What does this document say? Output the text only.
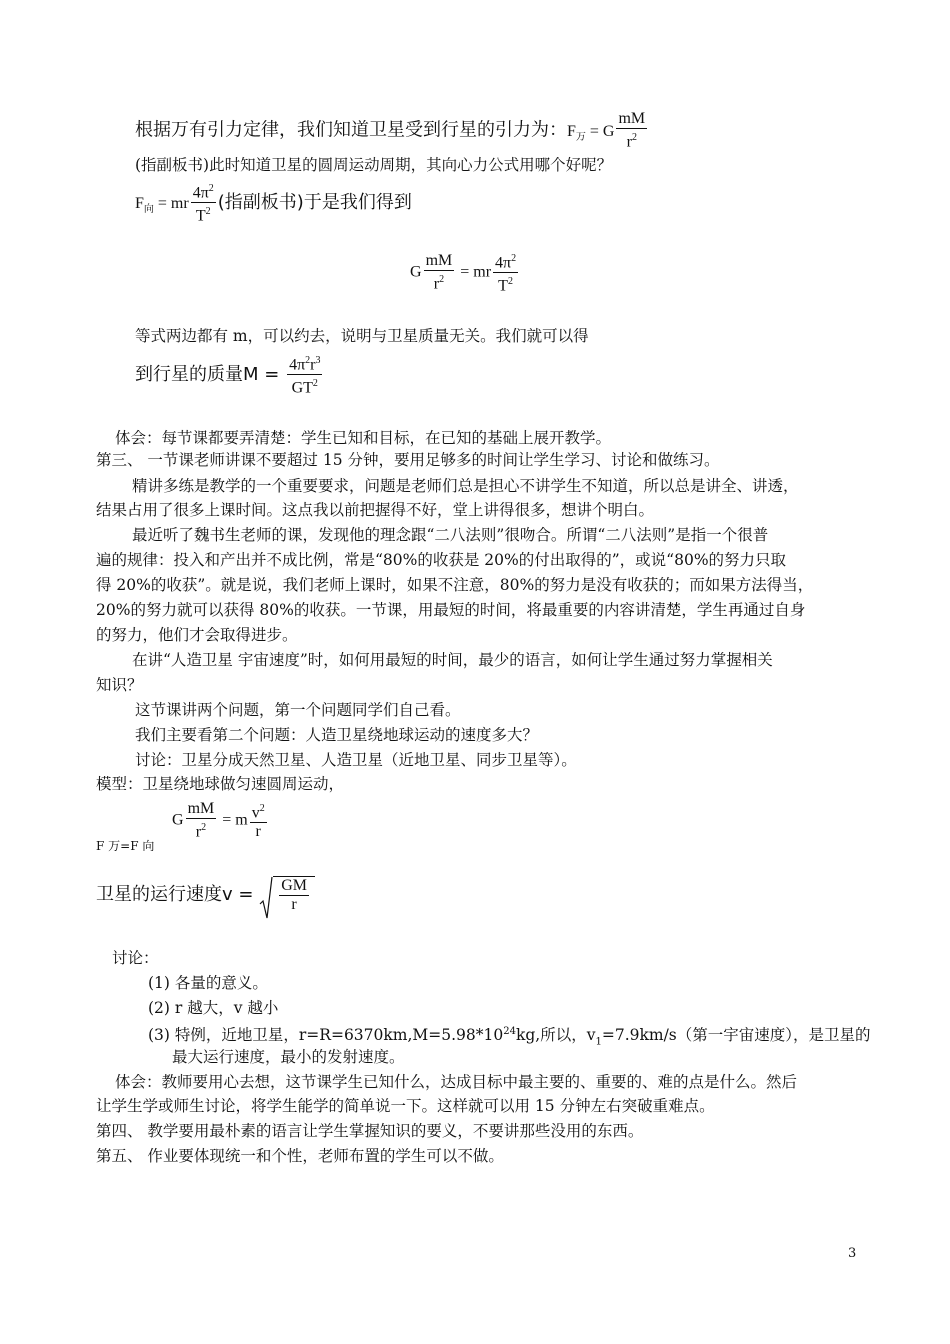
根据万有引力定律，我们知道卫星受到行星的引力为：$F_万 = G \frac{mM}{r^2}$
(指副板书)此时知道卫星的圆周运动周期，其向心力公式用哪个好呢？
$F_向$ = mr $\frac{4\pi^2}{T^2}$ (指副板书)于是我们得到
G $\frac{mM}{r^2}$ = mr $\frac{4\pi^2}{T^2}$
等式两边都有 m，可以约去，说明与卫星质量无关。我们就可以得
到行星的质量$M = \frac{4\pi^2r^3}{GT^2}$
体会：每节课都要弄清楚：学生已知和目标，在已知的基础上展开教学。
第三、 一节课老师讲课不要超过 15 分钟，要用足够多的时间让学生学习、讨论和做练习。
精讲多练是教学的一个重要要求，问题是老师们总是担心不讲学生不知道，所以总是讲全、讲透，
结果占用了很多上课时间。这点我以前把握得不好，堂上讲得很多，想讲个明白。
最近听了魏书生老师的课，发现他的理念跟“二八法则”很吻合。所谓“二八法则”是指一个很普
遍的规律：投入和产出并不成比例，常是“80%的收获是 20%的付出取得的”，或说“80%的努力只取
得 20%的收获”。就是说，我们老师上课时，如果不注意，80%的努力是没有收获的；而如果方法得当，
20%的努力就可以获得 80%的收获。一节课，用最短的时间，将最重要的内容讲清楚，学生再通过自身
的努力，他们才会取得进步。
在讲“人造卫星 宇宙速度”时，如何用最短的时间，最少的语言，如何让学生通过努力掌握相关
知识？
这节课讲两个问题，第一个问题同学们自己看。
我们主要看第二个问题：人造卫星绕地球运动的速度多大？
讨论：卫星分成天然卫星、人造卫星（近地卫星、同步卫星等）。
模型：卫星绕地球做匀速圆周运动，
G $\frac{mM}{r^2} = m \frac{v^2}{r}$
F 万=F 向
卫星的运行速度$v = \frac{GM}{r}$
讨论：
(1) 各量的意义。
(2) r 越大，v 越小
(3) 特例，近地卫星，$r=R=6370km,M=5.98*10^{24}kg$,所以，$v_1=7.9km/s$（第一宇宙速度），是卫星的
最大运行速度，最小的发射速度。
体会：教师要用心去想，这节课学生已知什么，达成目标中最主要的、重要的、难的点是什么。然后
让学生学或师生讨论，将学生能学的简单说一下。这样就可以用 15 分钟左右突破重难点。
第四、 教学要用最朴素的语言让学生掌握知识的要义，不要讲那些没用的东西。
第五、 作业要体现统一和个性，老师布置的学生可以不做。
3
